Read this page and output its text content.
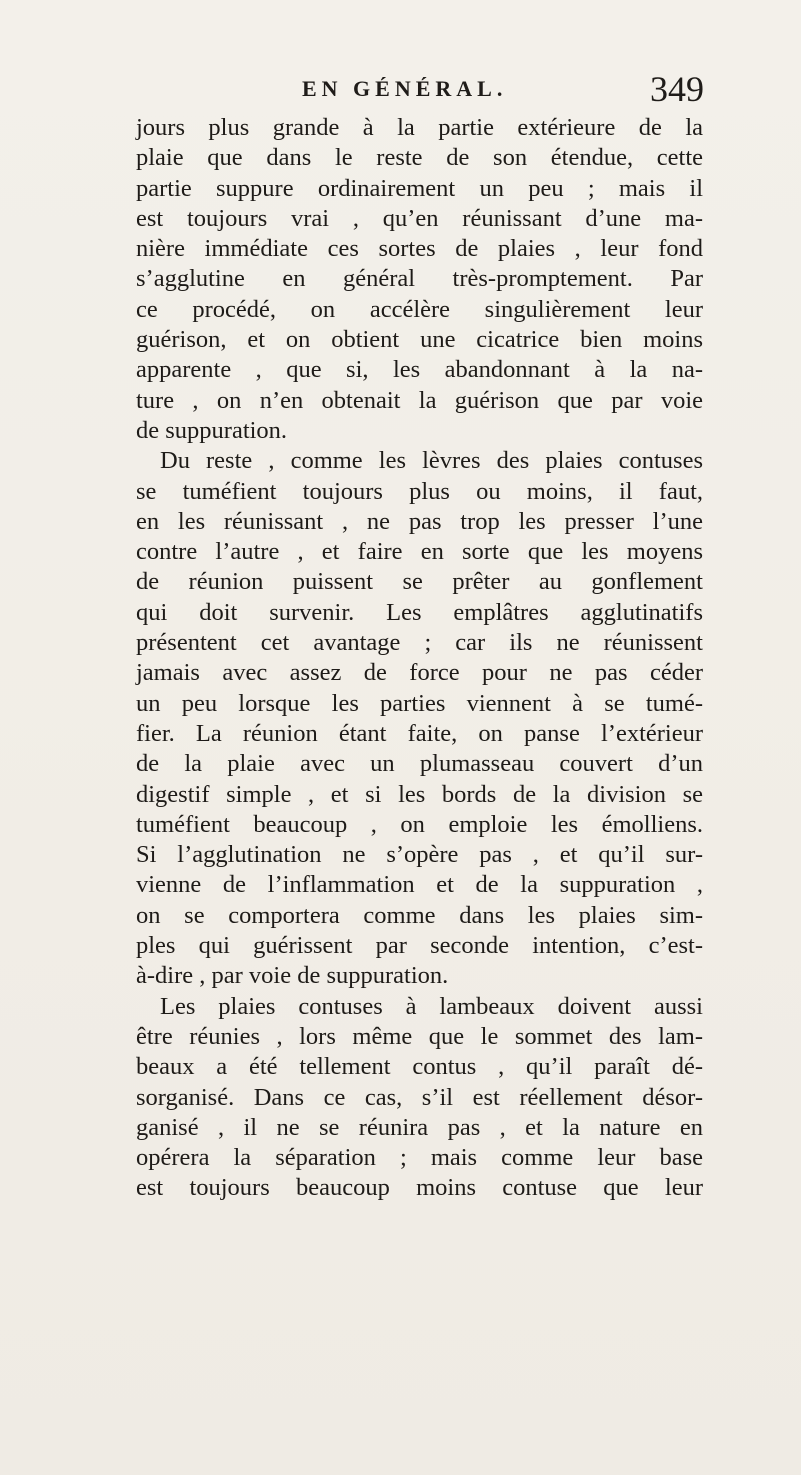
EN GÉNÉRAL.	349
jours plus grande à la partie extérieure de la
plaie que dans le reste de son étendue, cette
partie suppure ordinairement un peu ; mais il
est toujours vrai , qu’en réunissant d’une ma-
nière immédiate ces sortes de plaies , leur fond
s’agglutine en général très-promptement. Par
ce procédé, on accélère singulièrement leur
guérison, et on obtient une cicatrice bien moins
apparente , que si, les abandonnant à la na-
ture , on n’en obtenait la guérison que par voie
de suppuration.
Du reste , comme les lèvres des plaies contuses
se tuméfient toujours plus ou moins, il faut,
en les réunissant , ne pas trop les presser l’une
contre l’autre , et faire en sorte que les moyens
de réunion puissent se prêter au gonflement
qui doit survenir. Les emplâtres agglutinatifs
présentent cet avantage ; car ils ne réunissent
jamais avec assez de force pour ne pas céder
un peu lorsque les parties viennent à se tumé-
fier. La réunion étant faite, on panse l’extérieur
de la plaie avec un plumasseau couvert d’un
digestif simple , et si les bords de la division se
tuméfient beaucoup , on emploie les émolliens.
Si l’agglutination ne s’opère pas , et qu’il sur-
vienne de l’inflammation et de la suppuration ,
on se comportera comme dans les plaies sim-
ples qui guérissent par seconde intention, c’est-
à-dire , par voie de suppuration.
Les plaies contuses à lambeaux doivent aussi
être réunies , lors même que le sommet des lam-
beaux a été tellement contus , qu’il paraît dé-
sorganisé. Dans ce cas, s’il est réellement désor-
ganisé , il ne se réunira pas , et la nature en
opérera la séparation ; mais comme leur base
est toujours beaucoup moins contuse que leur
